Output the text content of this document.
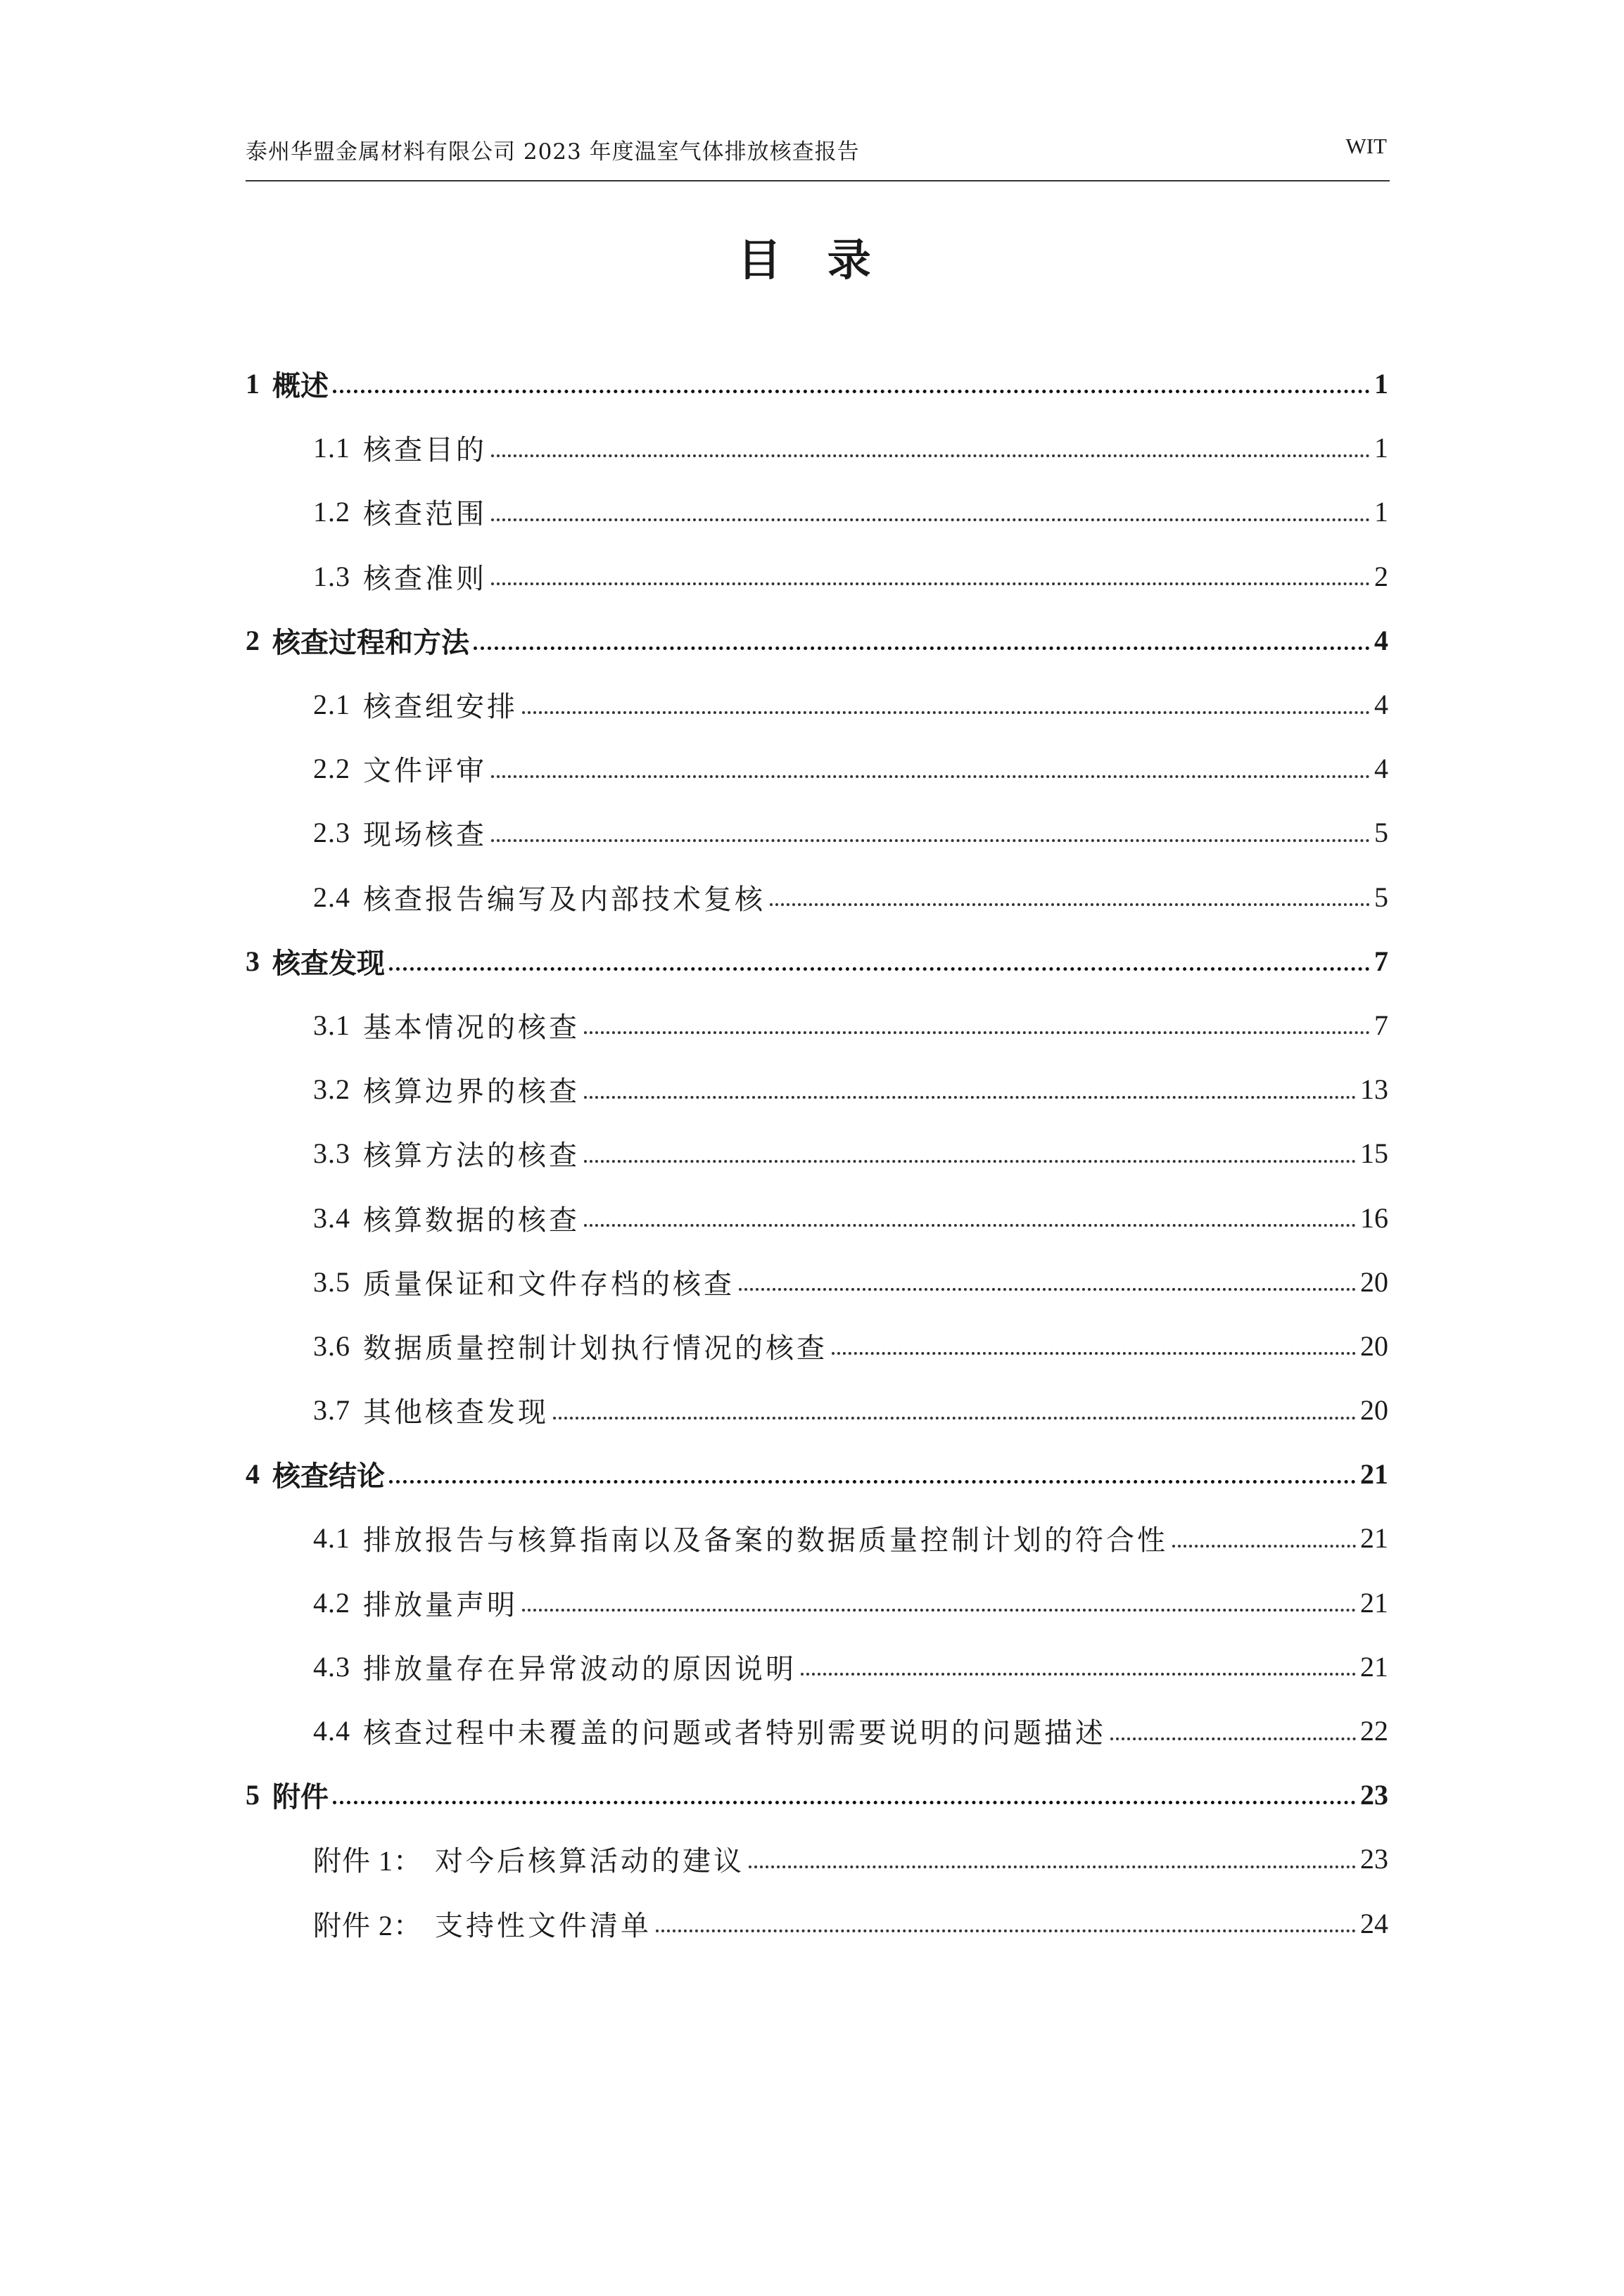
泰州华盟金属材料有限公司 2023 年度温室气体排放核查报告	WIT
目 录
1 概述	1
1.1 核查目的	1
1.2 核查范围	1
1.3 核查准则	2
2 核查过程和方法	4
2.1 核查组安排	4
2.2 文件评审	4
2.3 现场核查	5
2.4 核查报告编写及内部技术复核	5
3 核查发现	7
3.1 基本情况的核查	7
3.2 核算边界的核查	13
3.3 核算方法的核查	15
3.4 核算数据的核查	16
3.5 质量保证和文件存档的核查	20
3.6 数据质量控制计划执行情况的核查	20
3.7 其他核查发现	20
4 核查结论	21
4.1 排放报告与核算指南以及备案的数据质量控制计划的符合性	21
4.2 排放量声明	21
4.3 排放量存在异常波动的原因说明	21
4.4 核查过程中未覆盖的问题或者特别需要说明的问题描述	22
5 附件	23
附件 1： 对今后核算活动的建议	23
附件 2： 支持性文件清单	24
